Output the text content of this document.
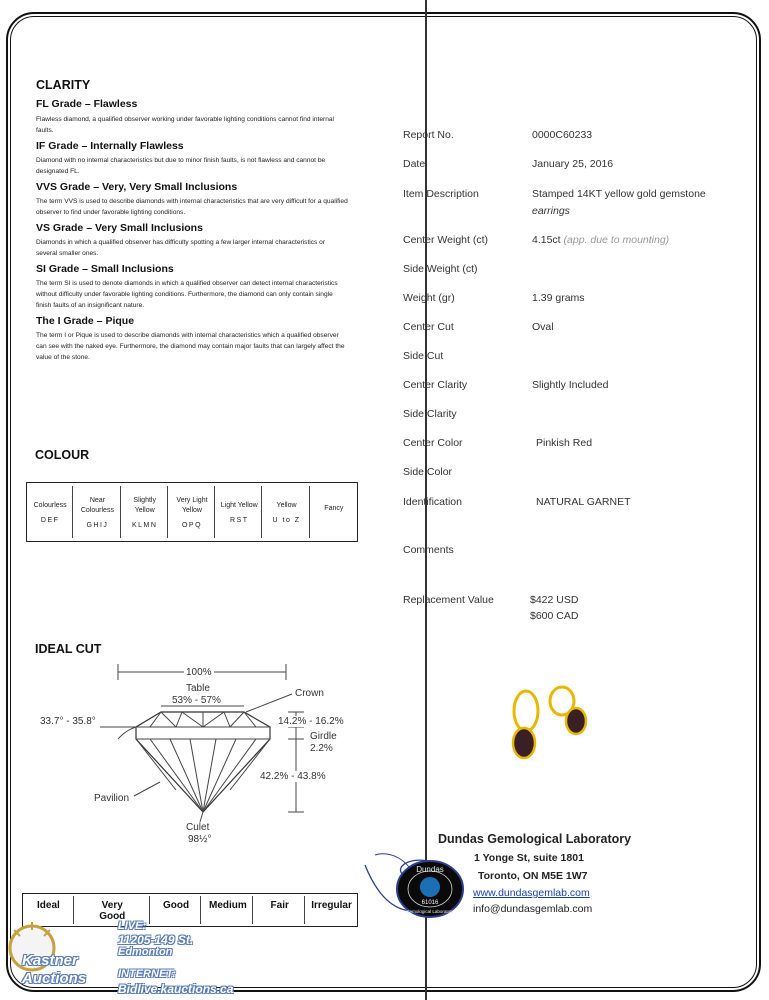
CLARITY
FL Grade – Flawless
Flawless diamond, a qualified observer working under favorable lighting conditions cannot find internal faults.
IF Grade – Internally Flawless
Diamond with no internal characteristics but due to minor finish faults, is not flawless and cannot be designated FL.
VVS Grade – Very, Very Small Inclusions
The term VVS is used to describe diamonds with internal characteristics that are very difficult for a qualified observer to find under favorable lighting conditions.
VS Grade – Very Small Inclusions
Diamonds in which a qualified observer has difficulty spotting a few larger internal characteristics or several smaller ones.
SI Grade – Small Inclusions
The term SI is used to denote diamonds in which a qualified observer can detect internal characteristics without difficulty under favorable lighting conditions. Furthermore, the diamond can only contain single finish faults of an insignificant nature.
The I Grade – Pique
The term I or Pique is used to describe diamonds with internal characteristics which a qualified observer can see with the naked eye. Furthermore, the diamond may contain major faults that can largely affect the value of the stone.
COLOUR
Colourless
DEF
Near Colourless
GHIJ
Slightly Yellow
KLMN
Very Light Yellow
OPQ
Light Yellow
RST
Yellow
U to Z
Fancy
IDEAL CUT
100%
Table
53% - 57%
Crown
33.7° - 35.8°	14.2% - 16.2%
Girdle
2.2%
42.2% - 43.8%
Pavilion
Culet
98½°
Ideal	Very Good
Good	Medium	Fair	Irregular
Report No.	0000C60233
Date	January 25, 2016
Item Description	Stamped 14KT yellow gold gemstone
earrings
Center Weight (ct)	4.15ct (app. due to mounting)
Side Weight (ct)
Weight (gr)	1.39 grams
Center Cut	Oval
Side Cut
Center Clarity	Slightly Included
Side Clarity
Center Color	Pinkish Red
Side Color
Identification	NATURAL GARNET
Comments
Replacement Value	$422 USD
$600 CAD
Dundas Gemological Laboratory
1 Yonge St, suite 1801
Toronto, ON M5E 1W7
www.dundasgemlab.com
info@dundasgemlab.com
Dundas
61016
Gemological Laboratory
Kastner
Auctions
LIVE:
11205-149 St.
Edmonton
INTERNET:
Bidlive.kauctions.ca
